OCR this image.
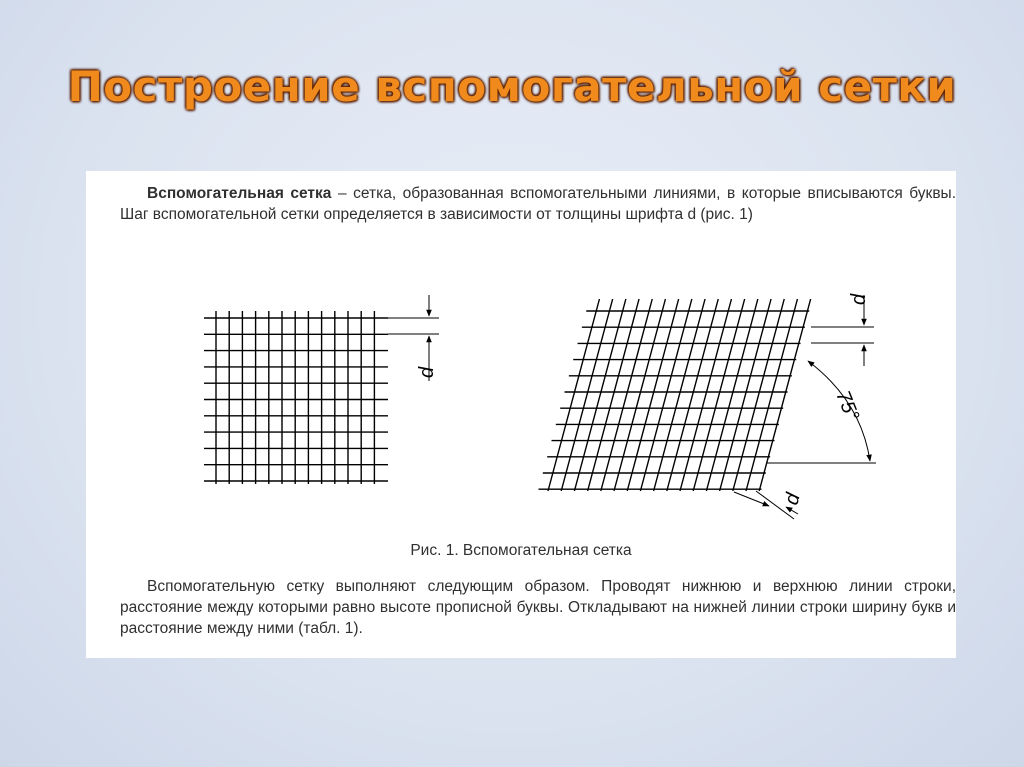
Построение вспомогательной сетки

Вспомогательная сетка – сетка, образованная вспомогательными линиями, в которые вписываются буквы. Шаг вспомогательной сетки определяется в зависимости от толщины шрифта d (рис. 1)

d
d
d
75°
Рис. 1. Вспомогательная сетка

Вспомогательную сетку выполняют следующим образом. Проводят нижнюю и верхнюю линии строки, расстояние между которыми равно высоте прописной буквы. Откладывают на нижней линии строки ширину букв и расстояние между ними (табл. 1).
